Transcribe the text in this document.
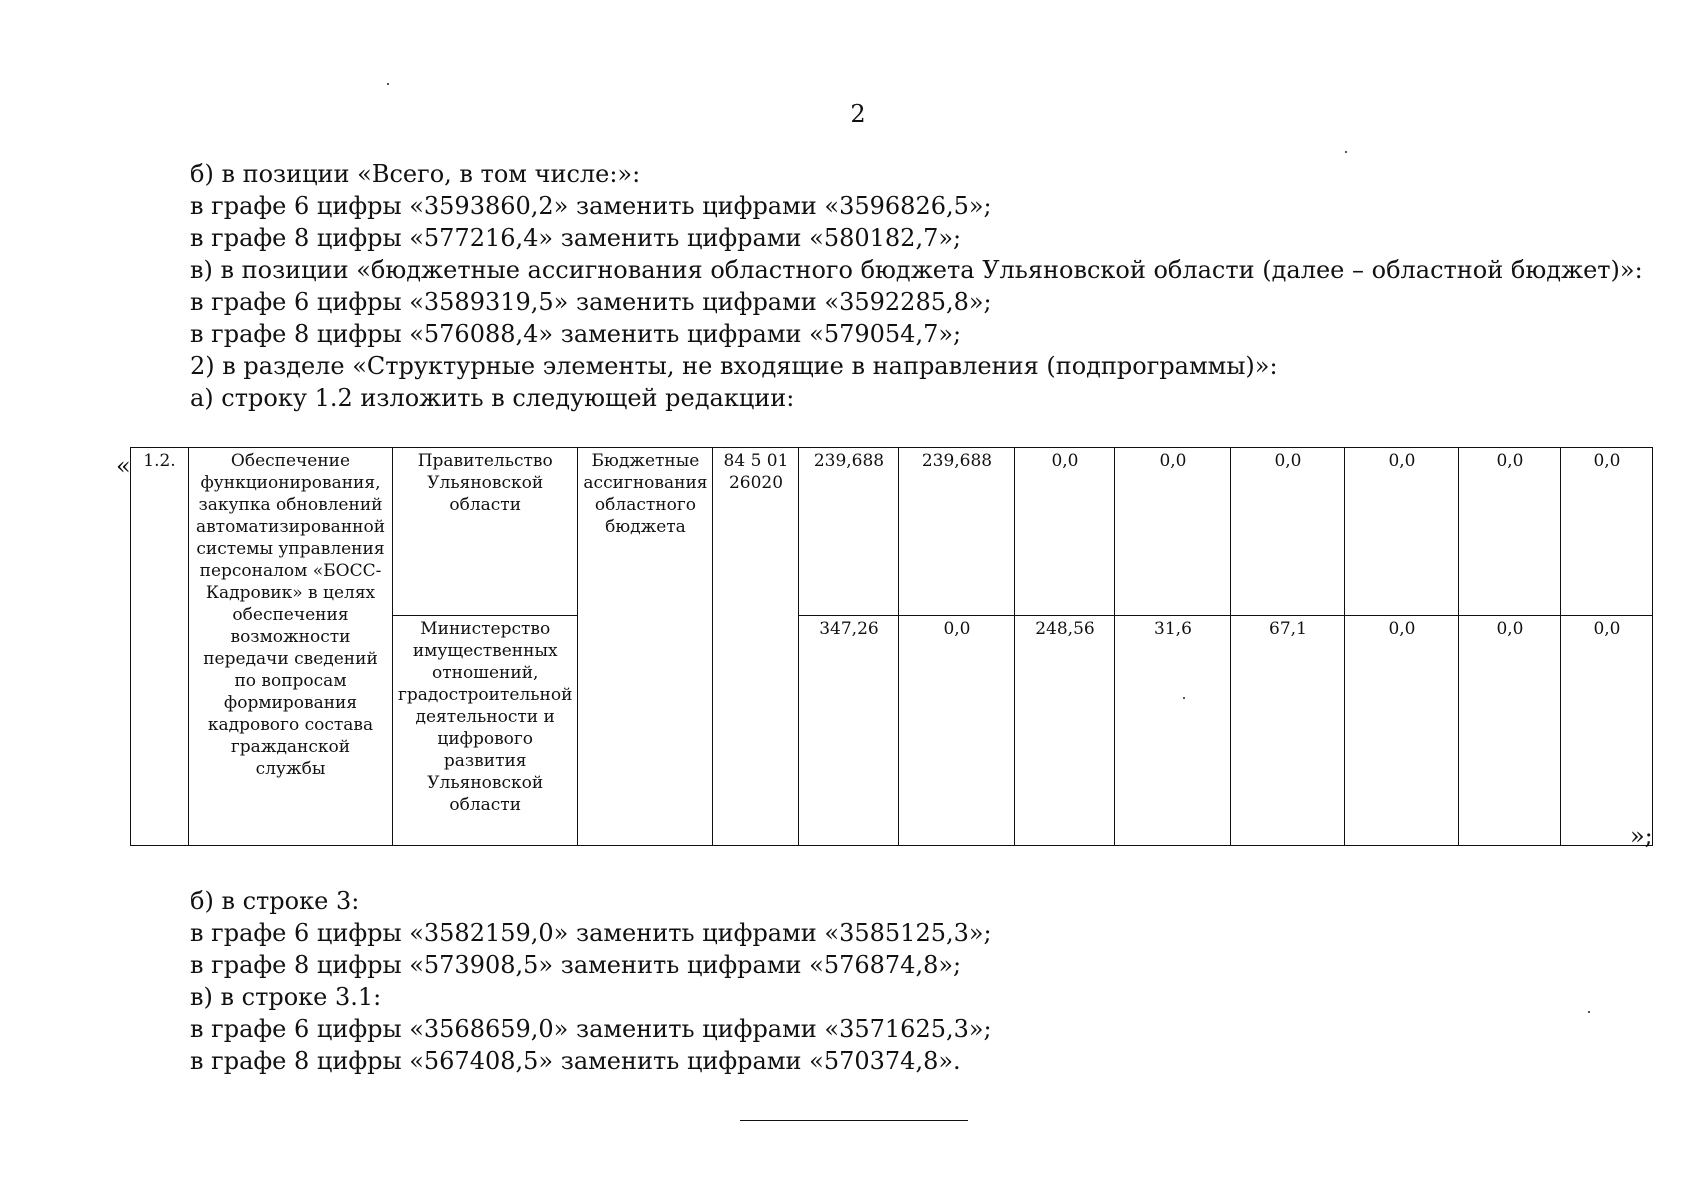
2
б) в позиции «Всего, в том числе:»:
в графе 6 цифры «3593860,2» заменить цифрами «3596826,5»;
в графе 8 цифры «577216,4» заменить цифрами «580182,7»;
в) в позиции «бюджетные ассигнования областного бюджета Ульяновской области (далее – областной бюджет)»:
в графе 6 цифры «3589319,5» заменить цифрами «3592285,8»;
в графе 8 цифры «576088,4» заменить цифрами «579054,7»;
2) в разделе «Структурные элементы, не входящие в направления (подпрограммы)»:
а) строку 1.2 изложить в следующей редакции:
« 1.2.	Обеспечение функционирования, закупка обновлений автоматизированной системы управления персоналом «БОСС-Кадровик» в целях обеспечения возможности передачи сведений по вопросам формирования кадрового состава гражданской службы	Правительство Ульяновской области	Бюджетные ассигнования областного бюджета	84 5 01 26020	239,688	239,688	0,0	0,0	0,0	0,0	0,0	0,0
		Министерство имущественных отношений, градостроительной деятельности и цифрового развития Ульяновской области			347,26	0,0	248,56	31,6	67,1	0,0	0,0	0,0
»;
б) в строке 3:
в графе 6 цифры «3582159,0» заменить цифрами «3585125,3»;
в графе 8 цифры «573908,5» заменить цифрами «576874,8»;
в) в строке 3.1:
в графе 6 цифры «3568659,0» заменить цифрами «3571625,3»;
в графе 8 цифры «567408,5» заменить цифрами «570374,8».
